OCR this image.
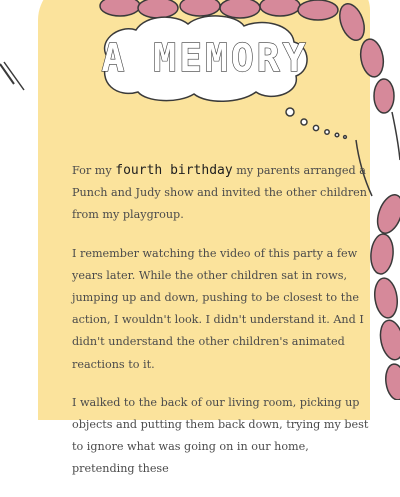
A MEMORY

For my fourth birthday my parents arranged a Punch and Judy show and invited the other children from my playgroup.

I remember watching the video of this party a few years later. While the other children sat in rows, jumping up and down, pushing to be closest to the action, I wouldn't look. I didn't understand it. And I didn't understand the other children's animated reactions to it.

I walked to the back of our living room, picking up objects and putting them back down, trying my best to ignore what was going on in our home, pretending these
